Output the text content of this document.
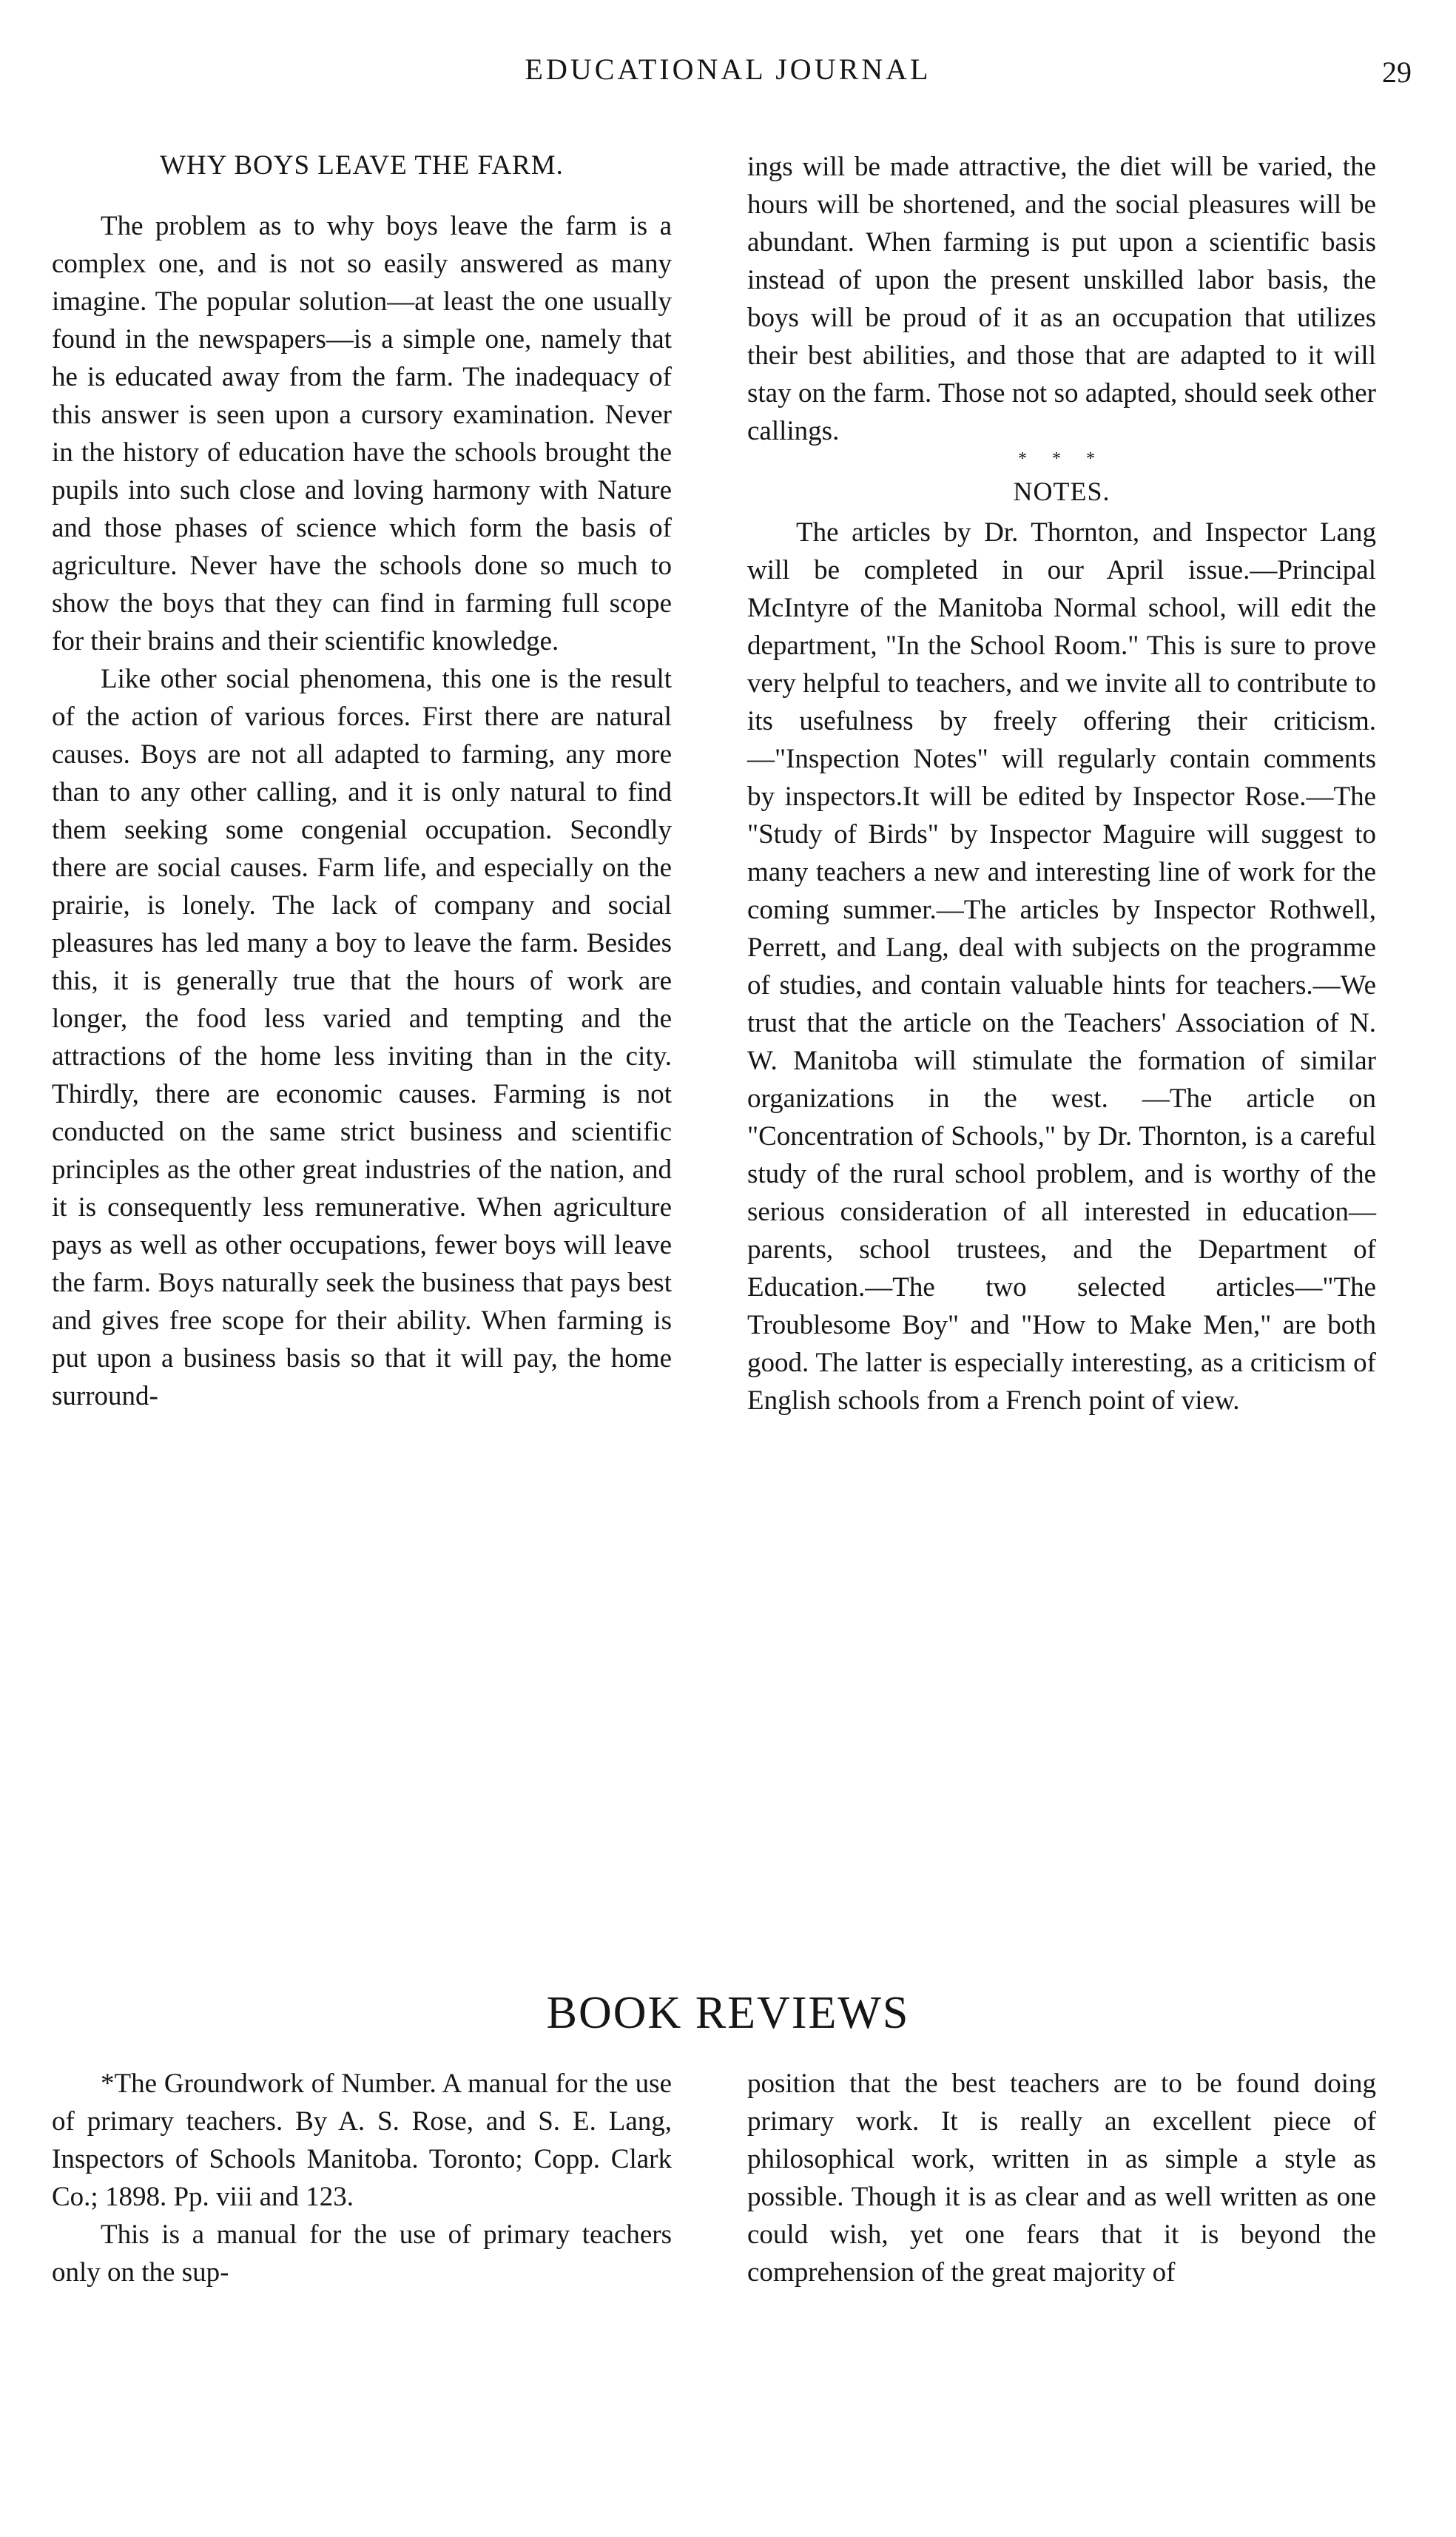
EDUCATIONAL JOURNAL	29
WHY BOYS LEAVE THE FARM.

The problem as to why boys leave the farm is a complex one, and is not so easily answered as many imagine. The popular solution—at least the one usually found in the newspapers—is a simple one, namely that he is educated away from the farm. The inadequacy of this answer is seen upon a cursory examination. Never in the history of education have the schools brought the pupils into such close and loving harmony with Nature and those phases of science which form the basis of agriculture. Never have the schools done so much to show the boys that they can find in farming full scope for their brains and their scientific knowledge.

Like other social phenomena, this one is the result of the action of various forces. First there are natural causes. Boys are not all adapted to farming, any more than to any other calling, and it is only natural to find them seeking some congenial occupation. Secondly there are social causes. Farm life, and especially on the prairie, is lonely. The lack of company and social pleasures has led many a boy to leave the farm. Besides this, it is generally true that the hours of work are longer, the food less varied and tempting and the attractions of the home less inviting than in the city. Thirdly, there are economic causes. Farming is not conducted on the same strict business and scientific principles as the other great industries of the nation, and it is consequently less remunerative. When agriculture pays as well as other occupations, fewer boys will leave the farm. Boys naturally seek the business that pays best and gives free scope for their ability. When farming is put upon a business basis so that it will pay, the home surround-

ings will be made attractive, the diet will be varied, the hours will be shortened, and the social pleasures will be abundant. When farming is put upon a scientific basis instead of upon the present unskilled labor basis, the boys will be proud of it as an occupation that utilizes their best abilities, and those that are adapted to it will stay on the farm. Those not so adapted, should seek other callings.

* * *
NOTES.

The articles by Dr. Thornton, and Inspector Lang will be completed in our April issue.—Principal McIntyre of the Manitoba Normal school, will edit the department, "In the School Room." This is sure to prove very helpful to teachers, and we invite all to contribute to its usefulness by freely offering their criticism.—"Inspection Notes" will regularly contain comments by inspectors.It will be edited by Inspector Rose.—The "Study of Birds" by Inspector Maguire will suggest to many teachers a new and interesting line of work for the coming summer.—The articles by Inspector Rothwell, Perrett, and Lang, deal with subjects on the programme of studies, and contain valuable hints for teachers.—We trust that the article on the Teachers' Association of N. W. Manitoba will stimulate the formation of similar organizations in the west. —The article on "Concentration of Schools," by Dr. Thornton, is a careful study of the rural school problem, and is worthy of the serious consideration of all interested in education—parents, school trustees, and the Department of Education.—The two selected articles—"The Troublesome Boy" and "How to Make Men," are both good. The latter is especially interesting, as a criticism of English schools from a French point of view.

BOOK REVIEWS

*The Groundwork of Number. A manual for the use of primary teachers. By A. S. Rose, and S. E. Lang, Inspectors of Schools Manitoba. Toronto; Copp. Clark Co.; 1898. Pp. viii and 123.

This is a manual for the use of primary teachers only on the sup-

position that the best teachers are to be found doing primary work. It is really an excellent piece of philosophical work, written in as simple a style as possible. Though it is as clear and as well written as one could wish, yet one fears that it is beyond the comprehension of the great majority of
